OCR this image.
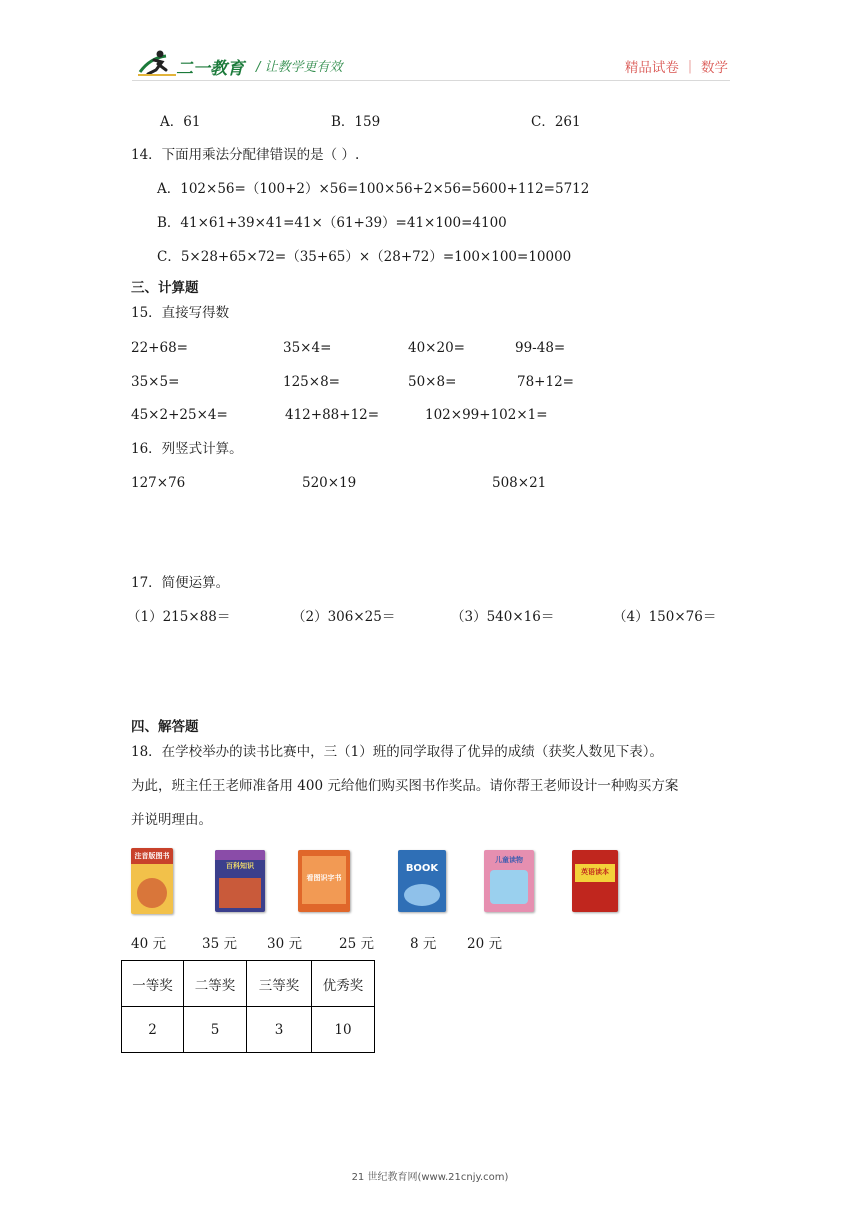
二一教育 / 让教学更有效	精品试卷 ｜ 数学
A．61	B．159	C．261
14．下面用乘法分配律错误的是（ ）.
A．102×56=（100+2）×56=100×56+2×56=5600+112=5712
B．41×61+39×41=41×（61+39）=41×100=4100
C．5×28+65×72=（35+65）×（28+72）=100×100=10000
三、计算题
15．直接写得数
22+68=	35×4=	40×20=	99-48=
35×5=	125×8=	50×8=	78+12=
45×2+25×4=	412+88+12=	102×99+102×1=
16．列竖式计算。
127×76	520×19	508×21
17．简便运算。
（1）215×88＝	（2）306×25＝	（3）540×16＝	（4）150×76＝
四、解答题
18．在学校举办的读书比赛中，三（1）班的同学取得了优异的成绩（获奖人数见下表）。
为此，班主任王老师准备用 400 元给他们购买图书作奖品。请你帮王老师设计一种购买方案
并说明理由。
注音版图书
百科知识
看图识字书
BOOK
儿童读物
英语读本
40 元	35 元 30 元	25 元	8 元 20 元
一等奖	二等奖	三等奖	优秀奖
2	5	3	10
21 世纪教育网(www.21cnjy.com)
